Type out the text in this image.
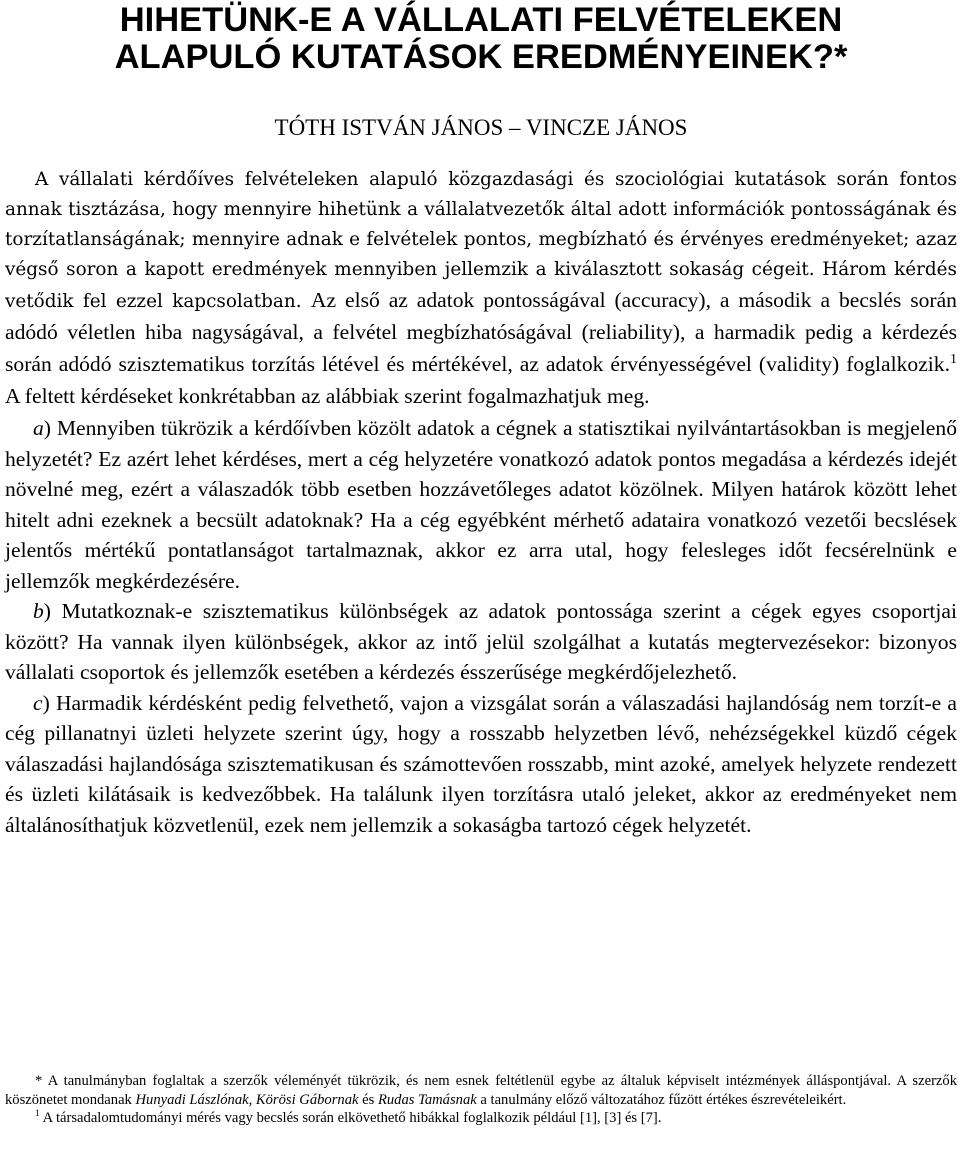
HIHETÜNK-E A VÁLLALATI FELVÉTELEKEN
ALAPULÓ KUTATÁSOK EREDMÉNYEINEK?*
TÓTH ISTVÁN JÁNOS – VINCZE JÁNOS
A vállalati kérdőíves felvételeken alapuló közgazdasági és szociológiai kutatások során fontos annak tisztázása, hogy mennyire hihetünk a vállalatvezetők által adott információk pontosságának és torzítatlanságának; mennyire adnak e felvételek pontos, megbízható és érvényes eredményeket; azaz végső soron a kapott eredmények mennyiben jellemzik a kiválasztott sokaság cégeit. Három kérdés vetődik fel ezzel kapcsolatban. Az első az adatok pontosságával (accuracy), a második a becslés során adódó véletlen hiba nagyságával, a felvétel megbízhatóságával (reliability), a harmadik pedig a kérdezés során adódó szisztematikus torzítás létével és mértékével, az adatok érvényességével (validity) foglalkozik.$^1$ A feltett kérdéseket konkrétabban az alábbiak szerint fogalmazhatjuk meg.

a) Mennyiben tükrözik a kérdőívben közölt adatok a cégnek a statisztikai nyilvántartásokban is megjelenő helyzetét? Ez azért lehet kérdéses, mert a cég helyzetére vonatkozó adatok pontos megadása a kérdezés idejét növelné meg, ezért a válaszadók több esetben hozzávetőleges adatot közölnek. Milyen határok között lehet hitelt adni ezeknek a becsült adatoknak? Ha a cég egyébként mérhető adataira vonatkozó vezetői becslések jelentős mértékű pontatlanságot tartalmaznak, akkor ez arra utal, hogy felesleges időt fecsérelnünk e jellemzők megkérdezésére.

b) Mutatkoznak-e szisztematikus különbségek az adatok pontossága szerint a cégek egyes csoportjai között? Ha vannak ilyen különbségek, akkor az intő jelül szolgálhat a kutatás megtervezésekor: bizonyos vállalati csoportok és jellemzők esetében a kérdezés ésszerűsége megkérdőjelezhető.

c) Harmadik kérdésként pedig felvethető, vajon a vizsgálat során a válaszadási hajlandóság nem torzít-e a cég pillanatnyi üzleti helyzete szerint úgy, hogy a rosszabb helyzetben lévő, nehézségekkel küzdő cégek válaszadási hajlandósága szisztematikusan és számottevően rosszabb, mint azoké, amelyek helyzete rendezett és üzleti kilátásaik is kedvezőbbek. Ha találunk ilyen torzításra utaló jeleket, akkor az eredményeket nem általánosíthatjuk közvetlenül, ezek nem jellemzik a sokaságba tartozó cégek helyzetét.

* A tanulmányban foglaltak a szerzők véleményét tükrözik, és nem esnek feltétlenül egybe az általuk képviselt intézmények álláspontjával. A szerzők köszönetet mondanak Hunyadi Lászlónak, Körösi Gábornak és Rudas Tamásnak a tanulmány előző változatához fűzött értékes észrevételeikért.

$^1$ A társadalomtudományi mérés vagy becslés során elkövethető hibákkal foglalkozik például [1], [3] és [7].
